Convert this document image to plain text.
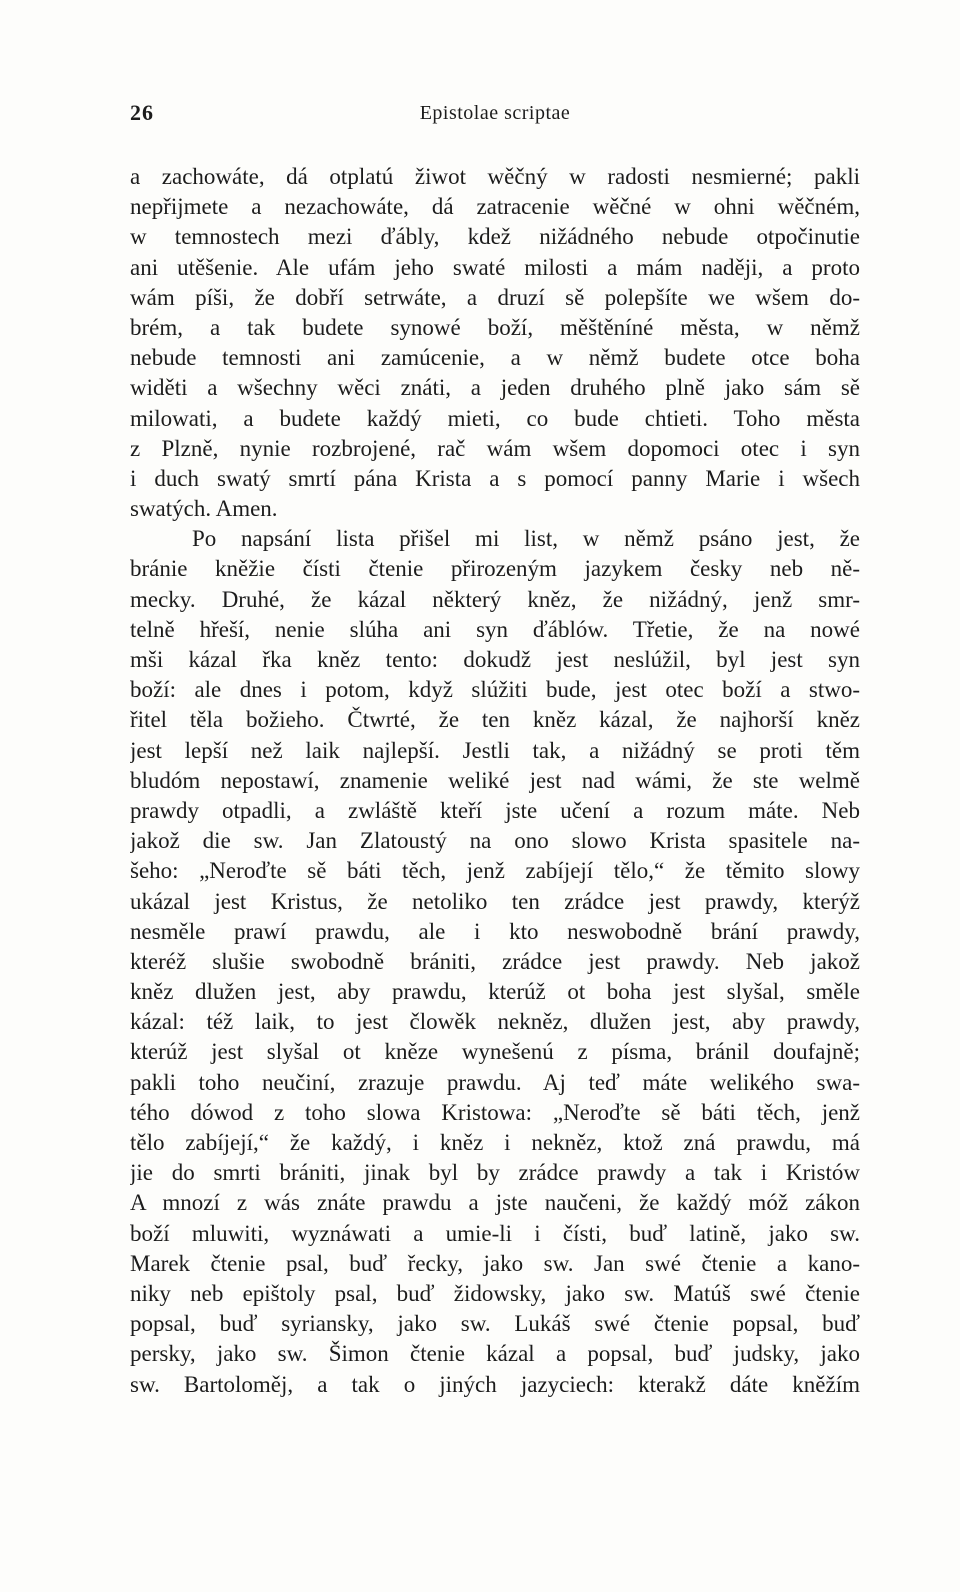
26	Epistolae scriptae
a zachowáte, dá otplatú žiwot wěčný w radosti nesmierné; pakli
nepřijmete a nezachowáte, dá zatracenie wěčné w ohni wěčném,
w temnostech mezi ďábly, kdež nižádného nebude otpočinutie
ani utěšenie. Ale ufám jeho swaté milosti a mám naději, a proto
wám píši, že dobří setrwáte, a druzí sě polepšíte we wšem do-
brém, a tak budete synowé boží, měštěníné města, w němž
nebude temnosti ani zamúcenie, a w němž budete otce boha
widěti a wšechny wěci znáti, a jeden druhého plně jako sám sě
milowati, a budete každý mieti, co bude chtieti. Toho města
z Plzně, nynie rozbrojené, rač wám wšem dopomoci otec i syn
i duch swatý smrtí pána Krista a s pomocí panny Marie i wšech
swatých. Amen.
Po napsání lista přišel mi list, w němž psáno jest, že
bránie kněžie čísti čtenie přirozeným jazykem česky neb ně-
mecky. Druhé, že kázal některý kněz, že nižádný, jenž smr-
telně hřeší, nenie slúha ani syn ďáblów. Třetie, že na nowé
mši kázal řka kněz tento: dokudž jest neslúžil, byl jest syn
boží: ale dnes i potom, když slúžiti bude, jest otec boží a stwo-
řitel těla božieho. Čtwrté, že ten kněz kázal, že najhorší kněz
jest lepší než laik najlepší. Jestli tak, a nižádný se proti těm
bludóm nepostawí, znamenie weliké jest nad wámi, že ste welmě
prawdy otpadli, a zwláště kteří jste učení a rozum máte. Neb
jakož die sw. Jan Zlatoustý na ono slowo Krista spasitele na-
šeho: „Neroďte sě báti těch, jenž zabíjejí tělo,“ že těmito slowy
ukázal jest Kristus, že netoliko ten zrádce jest prawdy, kterýž
nesměle prawí prawdu, ale i kto neswobodně brání prawdy,
kteréž slušie swobodně brániti, zrádce jest prawdy. Neb jakož
kněz dlužen jest, aby prawdu, kterúž ot boha jest slyšal, směle
kázal: též laik, to jest člowěk nekněz, dlužen jest, aby prawdy,
kterúž jest slyšal ot kněze wynešenú z písma, bránil doufajně;
pakli toho neučiní, zrazuje prawdu. Aj teď máte welikého swa-
tého dówod z toho slowa Kristowa: „Neroďte sě báti těch, jenž
tělo zabíjejí,“ že každý, i kněz i nekněz, ktož zná prawdu, má
jie do smrti brániti, jinak byl by zrádce prawdy a tak i Kristów
A mnozí z wás znáte prawdu a jste naučeni, že každý móž zákon
boží mluwiti, wyznáwati a umie-li i čísti, buď latině, jako sw.
Marek čtenie psal, buď řecky, jako sw. Jan swé čtenie a kano-
niky neb epištoly psal, buď židowsky, jako sw. Matúš swé čtenie
popsal, buď syriansky, jako sw. Lukáš swé čtenie popsal, buď
persky, jako sw. Šimon čtenie kázal a popsal, buď judsky, jako
sw. Bartoloměj, a tak o jiných jazyciech: kterakž dáte kněžím
